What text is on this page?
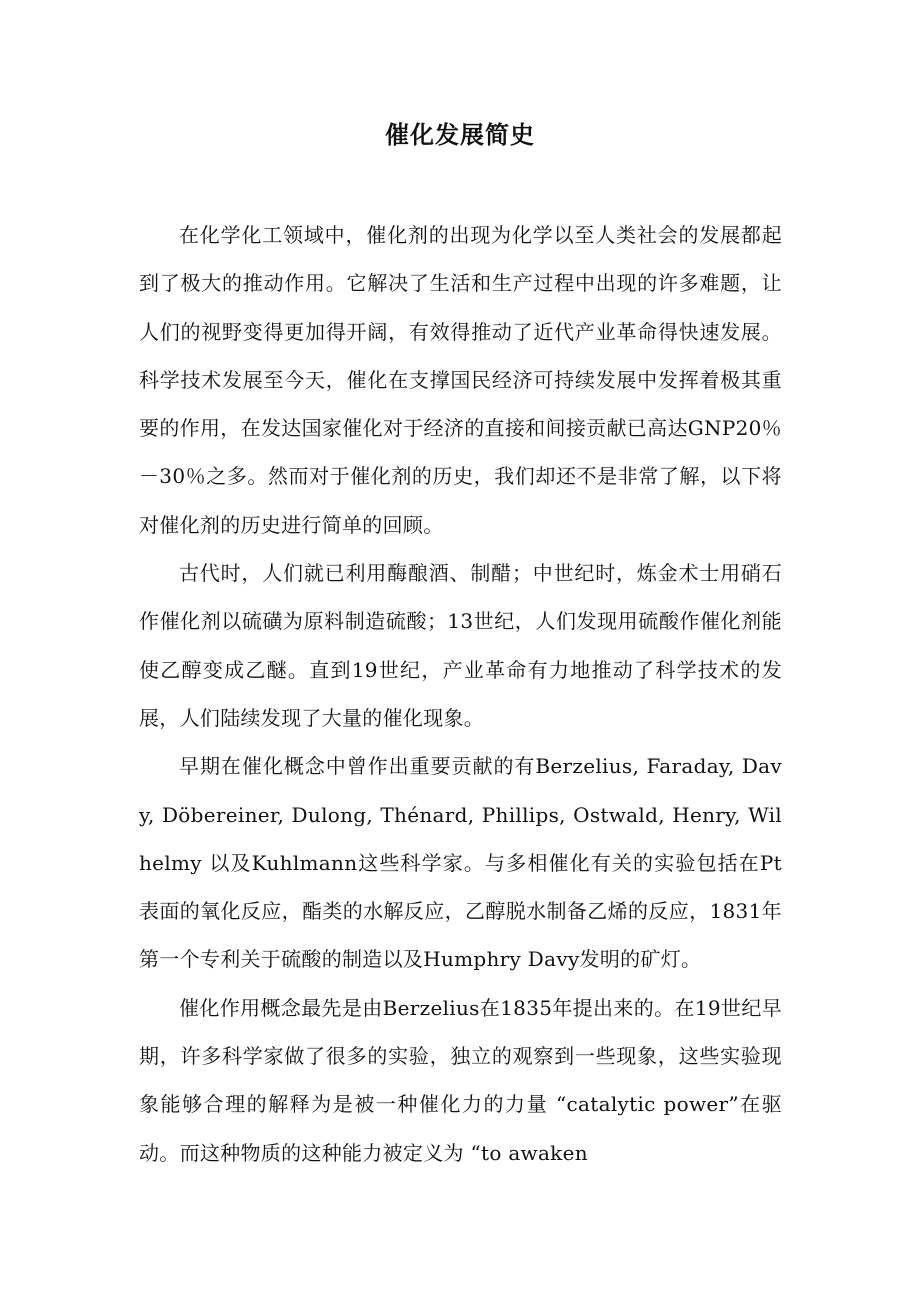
催化发展简史

在化学化工领域中，催化剂的出现为化学以至人类社会的发展都起到了极大的推动作用。它解决了生活和生产过程中出现的许多难题，让人们的视野变得更加得开阔，有效得推动了近代产业革命得快速发展。科学技术发展至今天，催化在支撑国民经济可持续发展中发挥着极其重要的作用，在发达国家催化对于经济的直接和间接贡献已高达GNP20％－30％之多。然而对于催化剂的历史，我们却还不是非常了解，以下将对催化剂的历史进行简单的回顾。

古代时，人们就已利用酶酿酒、制醋；中世纪时，炼金术士用硝石作催化剂以硫磺为原料制造硫酸；13世纪，人们发现用硫酸作催化剂能使乙醇变成乙醚。直到19世纪，产业革命有力地推动了科学技术的发展，人们陆续发现了大量的催化现象。

早期在催化概念中曾作出重要贡献的有Berzelius, Faraday, Davy, Döbereiner, Dulong, Thénard, Phillips, Ostwald, Henry, Wilhelmy 以及Kuhlmann这些科学家。与多相催化有关的实验包括在Pt表面的氧化反应，酯类的水解反应，乙醇脱水制备乙烯的反应，1831年第一个专利关于硫酸的制造以及Humphry Davy发明的矿灯。

催化作用概念最先是由Berzelius在1835年提出来的。在19世纪早期，许多科学家做了很多的实验，独立的观察到一些现象，这些实验现象能够合理的解释为是被一种催化力的力量 “catalytic power”在驱动。而这种物质的这种能力被定义为 “to awaken
